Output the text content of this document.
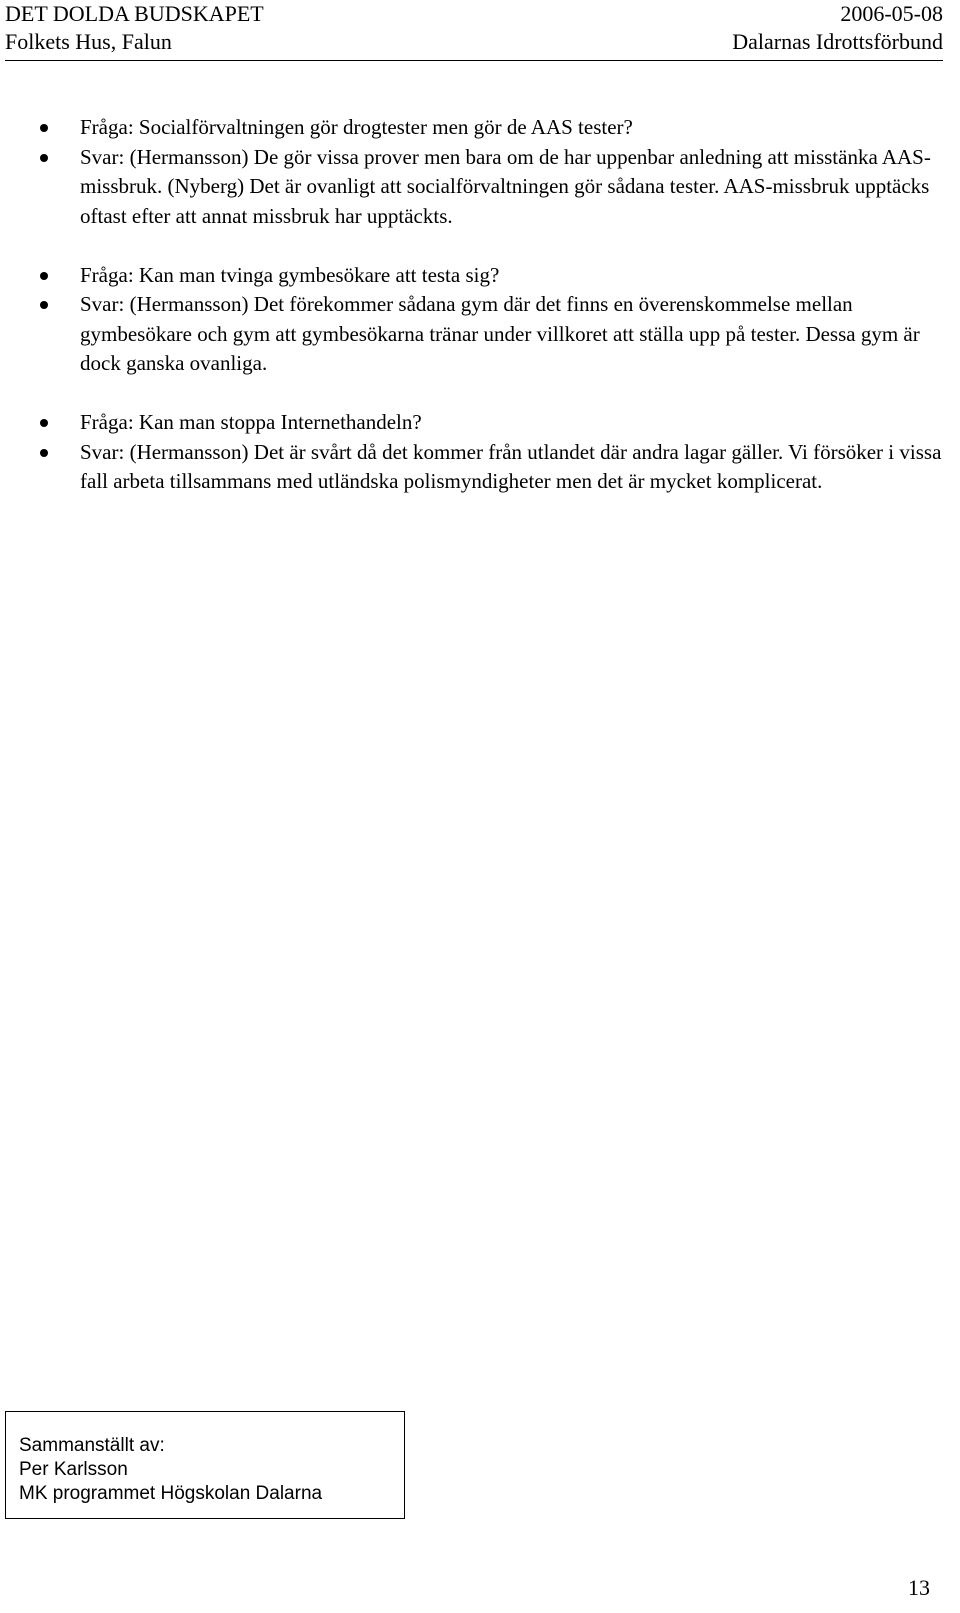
DET DOLDA BUDSKAPET	2006-05-08
Folkets Hus, Falun	Dalarnas Idrottsförbund
Fråga: Socialförvaltningen gör drogtester men gör de AAS tester?
Svar: (Hermansson) De gör vissa prover men bara om de har uppenbar anledning att misstänka AAS-missbruk. (Nyberg) Det är ovanligt att socialförvaltningen gör sådana tester. AAS-missbruk upptäcks oftast efter att annat missbruk har upptäckts.
Fråga: Kan man tvinga gymbesökare att testa sig?
Svar: (Hermansson) Det förekommer sådana gym där det finns en överenskommelse mellan gymbesökare och gym att gymbesökarna tränar under villkoret att ställa upp på tester. Dessa gym är dock ganska ovanliga.
Fråga: Kan man stoppa Internethandeln?
Svar: (Hermansson) Det är svårt då det kommer från utlandet där andra lagar gäller. Vi försöker i vissa fall arbeta tillsammans med utländska polismyndigheter men det är mycket komplicerat.
Sammanställt av:
Per Karlsson
MK programmet Högskolan Dalarna
13
